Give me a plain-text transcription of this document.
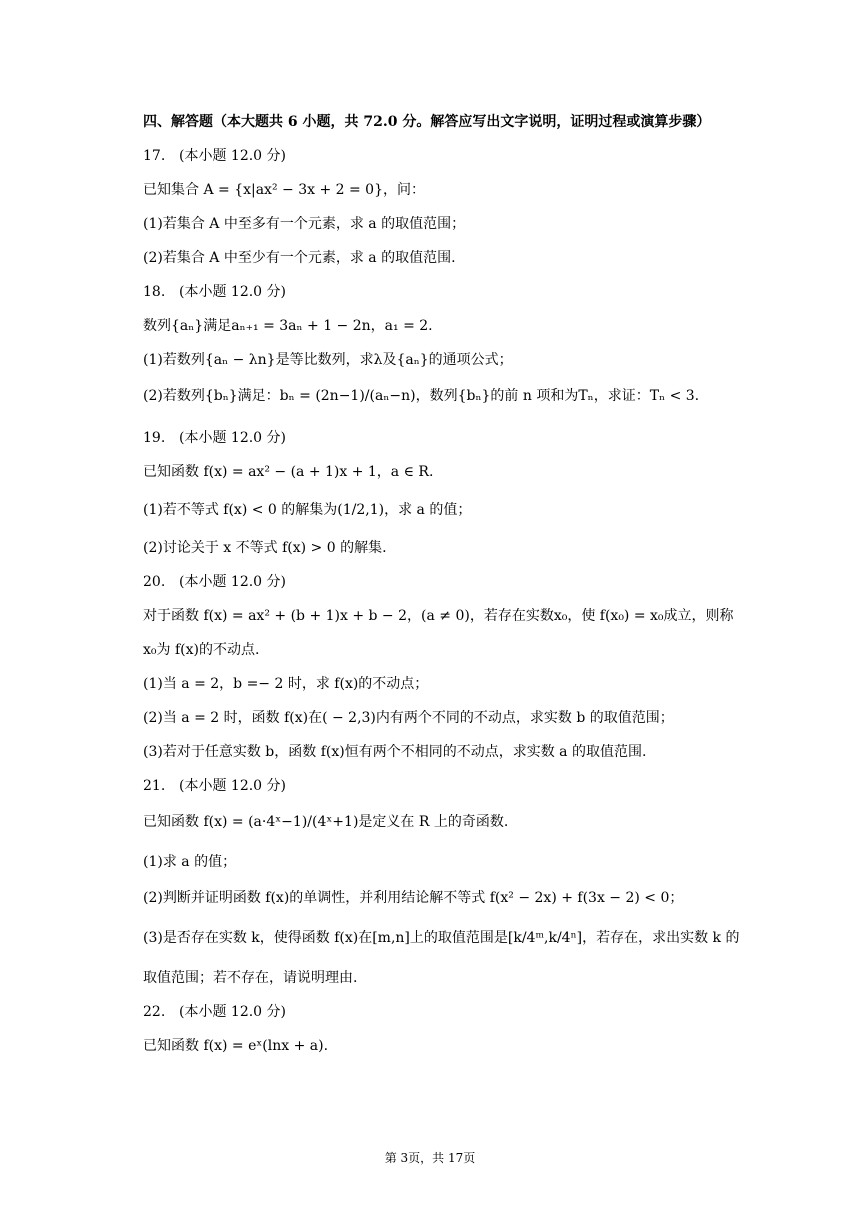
四、解答题（本大题共 6 小题，共 72.0 分。解答应写出文字说明，证明过程或演算步骤）
17. (本小题 12.0 分)
已知集合 A = {x|ax² − 3x + 2 = 0}，问：
(1)若集合 A 中至多有一个元素，求 a 的取值范围；
(2)若集合 A 中至少有一个元素，求 a 的取值范围.
18. (本小题 12.0 分)
数列{aₙ}满足aₙ₊₁ = 3aₙ + 1 − 2n，a₁ = 2.
(1)若数列{aₙ − λn}是等比数列，求λ及{aₙ}的通项公式；
(2)若数列{bₙ}满足：bₙ = (2n−1)/(aₙ−n)，数列{bₙ}的前 n 项和为Tₙ，求证：Tₙ < 3.
19. (本小题 12.0 分)
已知函数 f(x) = ax² − (a + 1)x + 1，a ∈ R.
(1)若不等式 f(x) < 0 的解集为(1/2,1)，求 a 的值；
(2)讨论关于 x 不等式 f(x) > 0 的解集.
20. (本小题 12.0 分)
对于函数 f(x) = ax² + (b + 1)x + b − 2，(a ≠ 0)，若存在实数x₀，使 f(x₀) = x₀成立，则称
x₀为 f(x)的不动点.
(1)当 a = 2，b =− 2 时，求 f(x)的不动点；
(2)当 a = 2 时，函数 f(x)在( − 2,3)内有两个不同的不动点，求实数 b 的取值范围；
(3)若对于任意实数 b，函数 f(x)恒有两个不相同的不动点，求实数 a 的取值范围.
21. (本小题 12.0 分)
已知函数 f(x) = (a·4ˣ−1)/(4ˣ+1)是定义在 R 上的奇函数.
(1)求 a 的值；
(2)判断并证明函数 f(x)的单调性，并利用结论解不等式 f(x² − 2x) + f(3x − 2) < 0；
(3)是否存在实数 k，使得函数 f(x)在[m,n]上的取值范围是[k/4ᵐ,k/4ⁿ]，若存在，求出实数 k 的
取值范围；若不存在，请说明理由.
22. (本小题 12.0 分)
已知函数 f(x) = eˣ(lnx + a).
第 3页，共 17页
